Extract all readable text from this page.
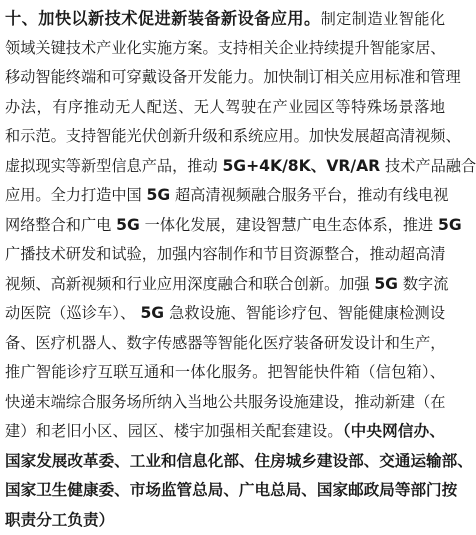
十、加快以新技术促进新装备新设备应用。制定制造业智能化
领域关键技术产业化实施方案。支持相关企业持续提升智能家居、
移动智能终端和可穿戴设备开发能力。加快制订相关应用标准和管理
办法，有序推动无人配送、无人驾驶在产业园区等特殊场景落地
和示范。支持智能光伏创新升级和系统应用。加快发展超高清视频、
虚拟现实等新型信息产品，推动 5G+4K/8K、VR/AR 技术产品融合
应用。全力打造中国 5G 超高清视频融合服务平台，推动有线电视
网络整合和广电 5G 一体化发展，建设智慧广电生态体系，推进 5G
广播技术研发和试验，加强内容制作和节目资源整合，推动超高清
视频、高新视频和行业应用深度融合和联合创新。加强 5G 数字流
动医院（巡诊车）、 5G 急救设施、智能诊疗包、智能健康检测设
备、医疗机器人、数字传感器等智能化医疗装备研发设计和生产，
推广智能诊疗互联互通和一体化服务。把智能快件箱（信包箱）、
快递末端综合服务场所纳入当地公共服务设施建设，推动新建（在
建）和老旧小区、园区、楼宇加强相关配套建设。（中央网信办、
国家发展改革委、工业和信息化部、住房城乡建设部、交通运输部、
国家卫生健康委、市场监管总局、广电总局、国家邮政局等部门按
职责分工负责）
